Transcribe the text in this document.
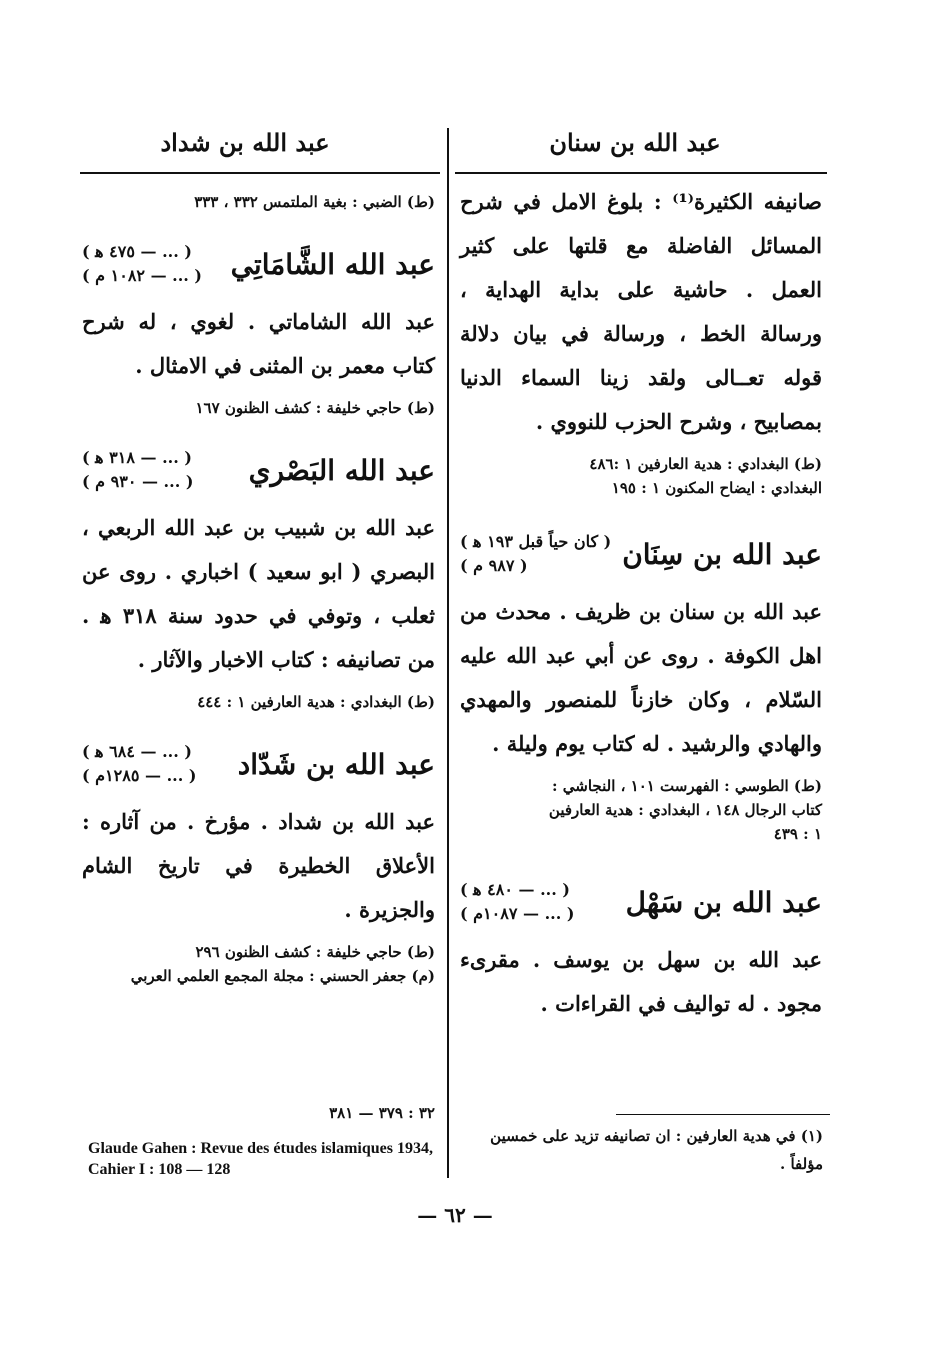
عبد الله بن سنان
عبد الله بن شداد

صانيفه الكثيرة⁽¹⁾ : بلوغ الامل في شرح المسائل الفاضلة مع قلتها على كثير العمل . حاشية على بداية الهداية ، ورسالة الخط ، ورسالة في بيان دلالة قوله تعــالى ولقد زينا السماء الدنيا بمصابيح ، وشرح الحزب للنووي .

(ط) البغدادي : هدية العارفين ١ :٤٨٦
البغدادي : ايضاح المكنون ١ : ١٩٥

عبد الله بن سِنَان
( كان حياً قبل ١٩٣ ﻫ )
( ٩٨٧ م )

عبد الله بن سنان بن ظريف . محدث من اهل الكوفة . روى عن أبي عبد الله عليه السّلام ، وكان خازناً للمنصور والمهدي والهادي والرشيد . له كتاب يوم وليلة .

(ط) الطوسي : الفهرست ١٠١ ، النجاشي :
كتاب الرجال ١٤٨ ، البغدادي : هدية العارفين
١ : ٤٣٩

عبد الله بن سَهْل
( ... — ٤٨٠ ﻫ )
( ... — ١٠٨٧م )

عبد الله بن سهل بن يوسف . مقرىء مجود . له تواليف في القراءات .

(١) في هدية العارفين : ان تصانيفه تزيد على خمسين مؤلفاً .

(ط) الضبي : بغية الملتمس ٣٣٢ ، ٣٣٣

عبد الله الشَّامَاتِي
( ... — ٤٧٥ ﻫ )
( ... — ١٠٨٢ م )

عبد الله الشاماتي . لغوي ، له شرح كتاب معمر بن المثنى في الامثال .

(ط) حاجي خليفة : كشف الظنون ١٦٧

عبد الله البَصْري
( ... — ٣١٨ ﻫ )
( ... — ٩٣٠ م )

عبد الله بن شبيب بن عبد الله الربعي ، البصري ( ابو سعيد ) اخباري . روى عن ثعلب ، وتوفي في حدود سنة ٣١٨ ﻫ . من تصانيفه : كتاب الاخبار والآثار .

(ط) البغدادي : هدية العارفين ١ : ٤٤٤

عبد الله بن شَدّاد
( ... — ٦٨٤ ﻫ )
( ... — ١٢٨٥م )

عبد الله بن شداد . مؤرخ . من آثاره : الأعلاق الخطيرة في تاريخ الشام والجزيرة .

(ط) حاجي خليفة : كشف الظنون ٢٩٦
(م) جعفر الحسني : مجلة المجمع العلمي العربي

٣٢ : ٣٧٩ — ٣٨١
Glaude Gahen : Revue des études islamiques 1934, Cahier I : 108 — 128
— ٦٢ —
